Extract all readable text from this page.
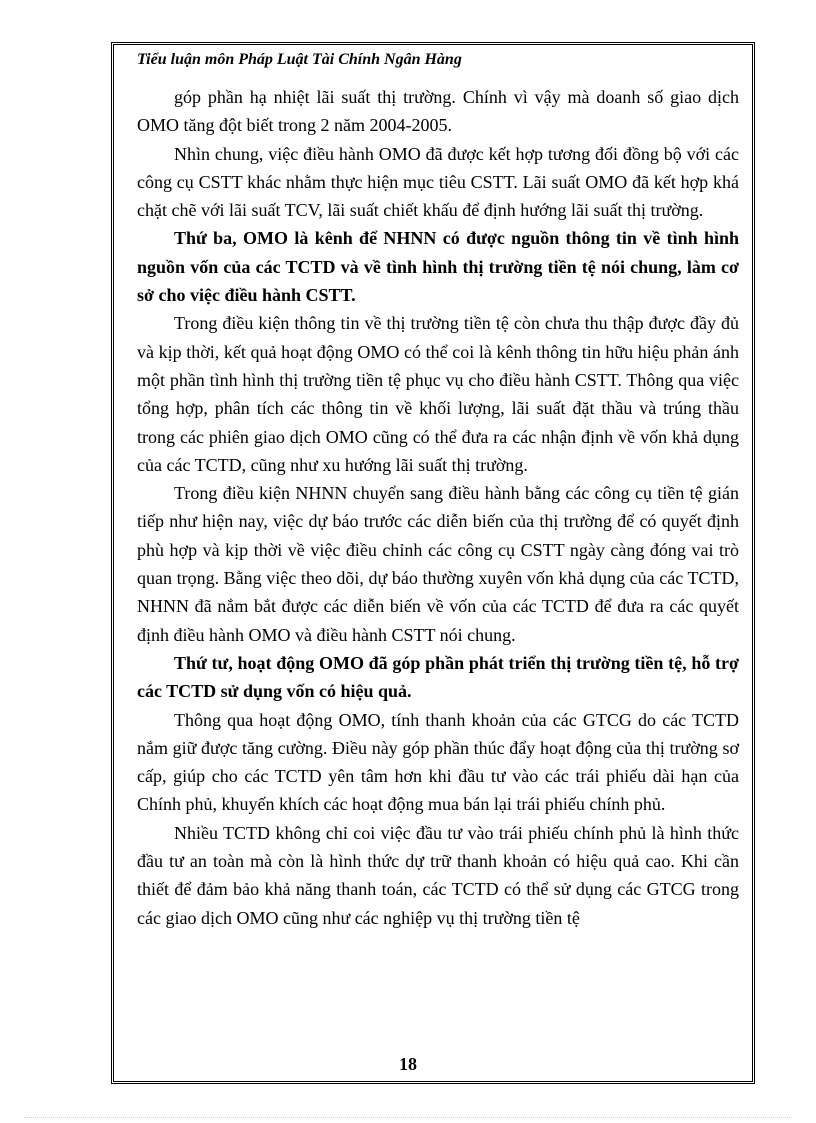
Tiểu luận môn Pháp Luật Tài Chính Ngân Hàng

góp phần hạ nhiệt lãi suất thị trường. Chính vì vậy mà doanh số giao dịch OMO tăng đột biết trong 2 năm 2004-2005.

Nhìn chung, việc điều hành OMO đã được kết hợp tương đối đồng bộ với các công cụ CSTT khác nhằm thực hiện mục tiêu CSTT. Lãi suất OMO đã kết hợp khá chặt chẽ với lãi suất TCV, lãi suất chiết khấu để định hướng lãi suất thị trường.

Thứ ba, OMO là kênh để NHNN có được nguồn thông tin về tình hình nguồn vốn của các TCTD và về tình hình thị trường tiền tệ nói chung, làm cơ sở cho việc điều hành CSTT.

Trong điều kiện thông tin về thị trường tiền tệ còn chưa thu thập được đầy đủ và kịp thời, kết quả hoạt động OMO có thể coi là kênh thông tin hữu hiệu phản ánh một phần tình hình thị trường tiền tệ phục vụ cho điều hành CSTT. Thông qua việc tổng hợp, phân tích các thông tin về khối lượng, lãi suất đặt thầu và trúng thầu trong các phiên giao dịch OMO cũng có thể đưa ra các nhận định về vốn khả dụng của các TCTD, cũng như xu hướng lãi suất thị trường.

Trong điều kiện NHNN chuyển sang điều hành bằng các công cụ tiền tệ gián tiếp như hiện nay, việc dự báo trước các diễn biến của thị trường để có quyết định phù hợp và kịp thời về việc điều chỉnh các công cụ CSTT ngày càng đóng vai trò quan trọng. Bằng việc theo dõi, dự báo thường xuyên vốn khả dụng của các TCTD, NHNN đã nắm bắt được các diễn biến về vốn của các TCTD để đưa ra các quyết định điều hành OMO và điều hành CSTT nói chung.

Thứ tư, hoạt động OMO đã góp phần phát triển thị trường tiền tệ, hỗ trợ các TCTD sử dụng vốn có hiệu quả.

Thông qua hoạt động OMO, tính thanh khoản của các GTCG do các TCTD nắm giữ được tăng cường. Điều này góp phần thúc đẩy hoạt động của thị trường sơ cấp, giúp cho các TCTD yên tâm hơn khi đầu tư vào các trái phiếu dài hạn của Chính phủ, khuyến khích các hoạt động mua bán lại trái phiếu chính phủ.

Nhiều TCTD không chỉ coi việc đầu tư vào trái phiếu chính phủ là hình thức đầu tư an toàn mà còn là hình thức dự trữ thanh khoản có hiệu quả cao. Khi cần thiết để đảm bảo khả năng thanh toán, các TCTD có thể sử dụng các GTCG trong các giao dịch OMO cũng như các nghiệp vụ thị trường tiền tệ

18
